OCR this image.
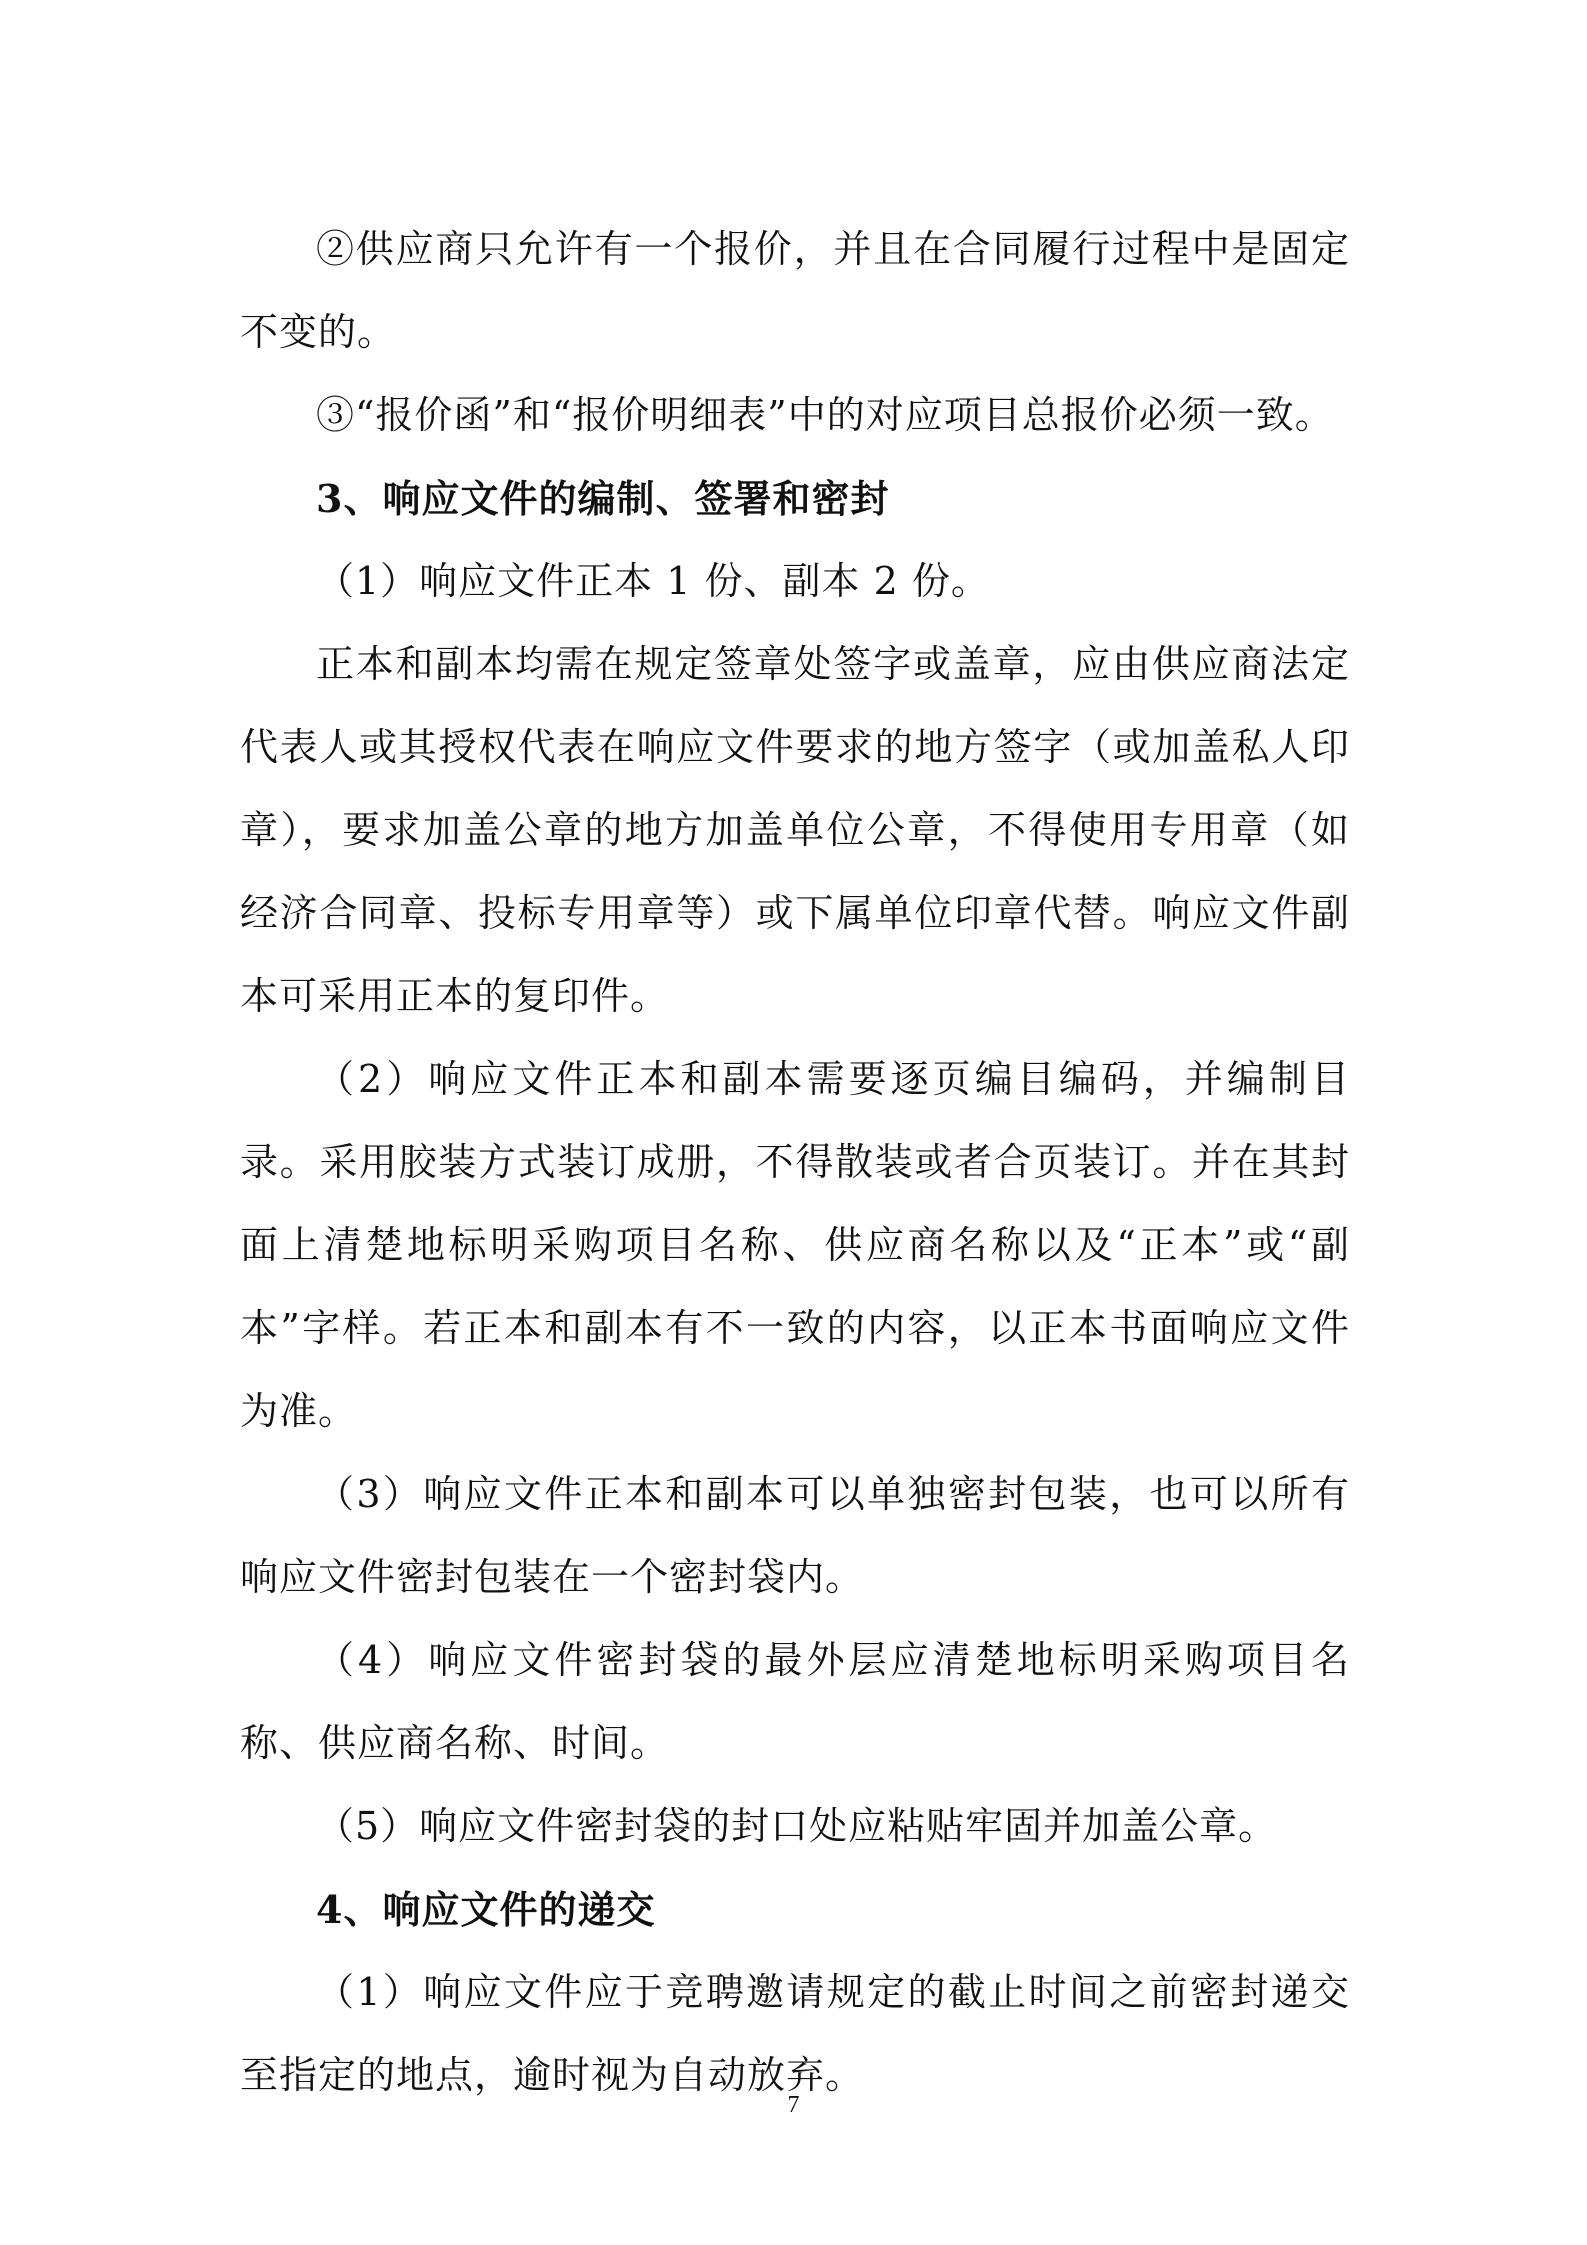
②供应商只允许有一个报价，并且在合同履行过程中是固定不变的。

③“报价函”和“报价明细表”中的对应项目总报价必须一致。

3、响应文件的编制、签署和密封

（1）响应文件正本 1 份、副本 2 份。

正本和副本均需在规定签章处签字或盖章，应由供应商法定代表人或其授权代表在响应文件要求的地方签字（或加盖私人印章），要求加盖公章的地方加盖单位公章，不得使用专用章（如经济合同章、投标专用章等）或下属单位印章代替。响应文件副本可采用正本的复印件。

（2）响应文件正本和副本需要逐页编目编码，并编制目录。采用胶装方式装订成册，不得散装或者合页装订。并在其封面上清楚地标明采购项目名称、供应商名称以及“正本”或“副本”字样。若正本和副本有不一致的内容，以正本书面响应文件为准。

（3）响应文件正本和副本可以单独密封包装，也可以所有响应文件密封包装在一个密封袋内。

（4）响应文件密封袋的最外层应清楚地标明采购项目名称、供应商名称、时间。

（5）响应文件密封袋的封口处应粘贴牢固并加盖公章。

4、响应文件的递交

（1）响应文件应于竞聘邀请规定的截止时间之前密封递交至指定的地点，逾时视为自动放弃。

7
